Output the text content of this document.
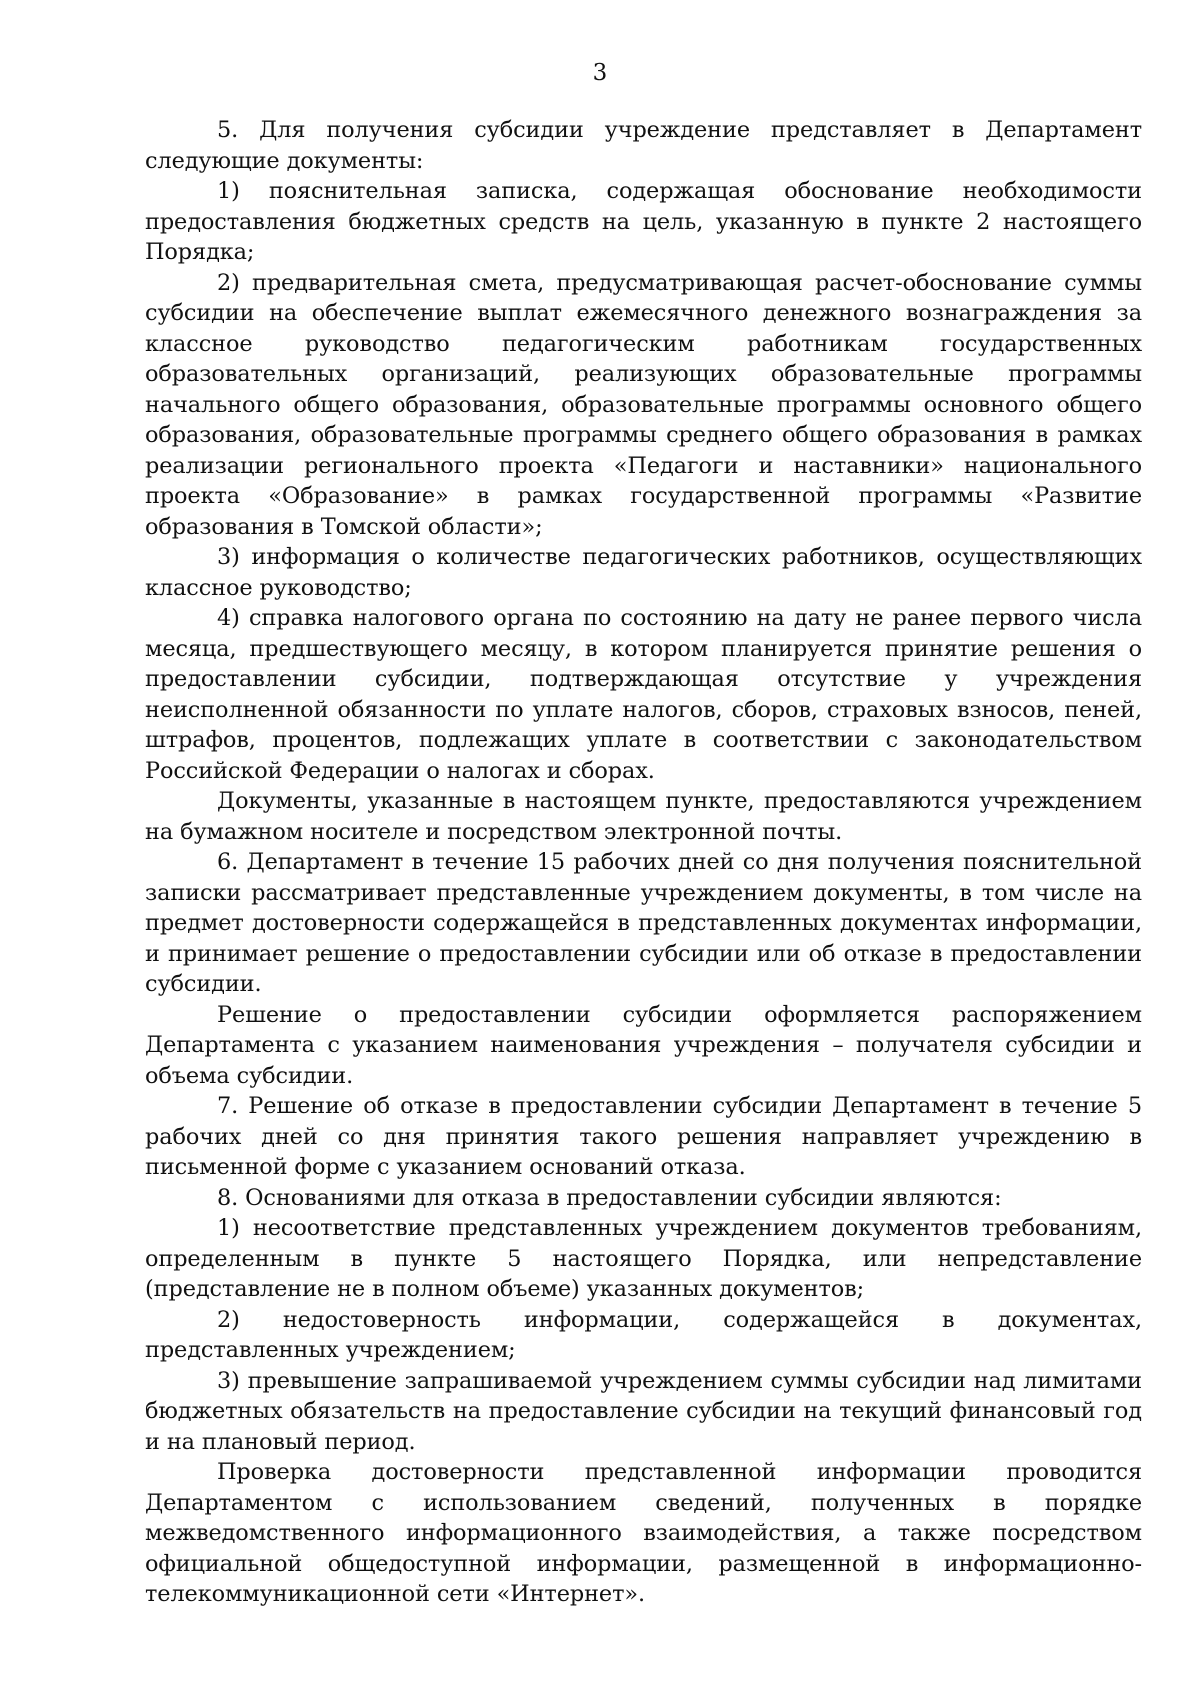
3

5. Для получения субсидии учреждение представляет в Департамент следующие документы:

1) пояснительная записка, содержащая обоснование необходимости предоставления бюджетных средств на цель, указанную в пункте 2 настоящего Порядка;

2) предварительная смета, предусматривающая расчет-обоснование суммы субсидии на обеспечение выплат ежемесячного денежного вознаграждения за классное руководство педагогическим работникам государственных образовательных организаций, реализующих образовательные программы начального общего образования, образовательные программы основного общего образования, образовательные программы среднего общего образования в рамках реализации регионального проекта «Педагоги и наставники» национального проекта «Образование» в рамках государственной программы «Развитие образования в Томской области»;

3) информация о количестве педагогических работников, осуществляющих классное руководство;

4) справка налогового органа по состоянию на дату не ранее первого числа месяца, предшествующего месяцу, в котором планируется принятие решения о предоставлении субсидии, подтверждающая отсутствие у учреждения неисполненной обязанности по уплате налогов, сборов, страховых взносов, пеней, штрафов, процентов, подлежащих уплате в соответствии с законодательством Российской Федерации о налогах и сборах.

Документы, указанные в настоящем пункте, предоставляются учреждением на бумажном носителе и посредством электронной почты.

6. Департамент в течение 15 рабочих дней со дня получения пояснительной записки рассматривает представленные учреждением документы, в том числе на предмет достоверности содержащейся в представленных документах информации, и принимает решение о предоставлении субсидии или об отказе в предоставлении субсидии.

Решение о предоставлении субсидии оформляется распоряжением Департамента с указанием наименования учреждения – получателя субсидии и объема субсидии.

7. Решение об отказе в предоставлении субсидии Департамент в течение 5 рабочих дней со дня принятия такого решения направляет учреждению в письменной форме с указанием оснований отказа.

8. Основаниями для отказа в предоставлении субсидии являются:

1) несоответствие представленных учреждением документов требованиям, определенным в пункте 5 настоящего Порядка, или непредставление (представление не в полном объеме) указанных документов;

2) недостоверность информации, содержащейся в документах, представленных учреждением;

3) превышение запрашиваемой учреждением суммы субсидии над лимитами бюджетных обязательств на предоставление субсидии на текущий финансовый год и на плановый период.

Проверка достоверности представленной информации проводится Департаментом с использованием сведений, полученных в порядке межведомственного информационного взаимодействия, а также посредством официальной общедоступной информации, размещенной в информационно-телекоммуникационной сети «Интернет».
